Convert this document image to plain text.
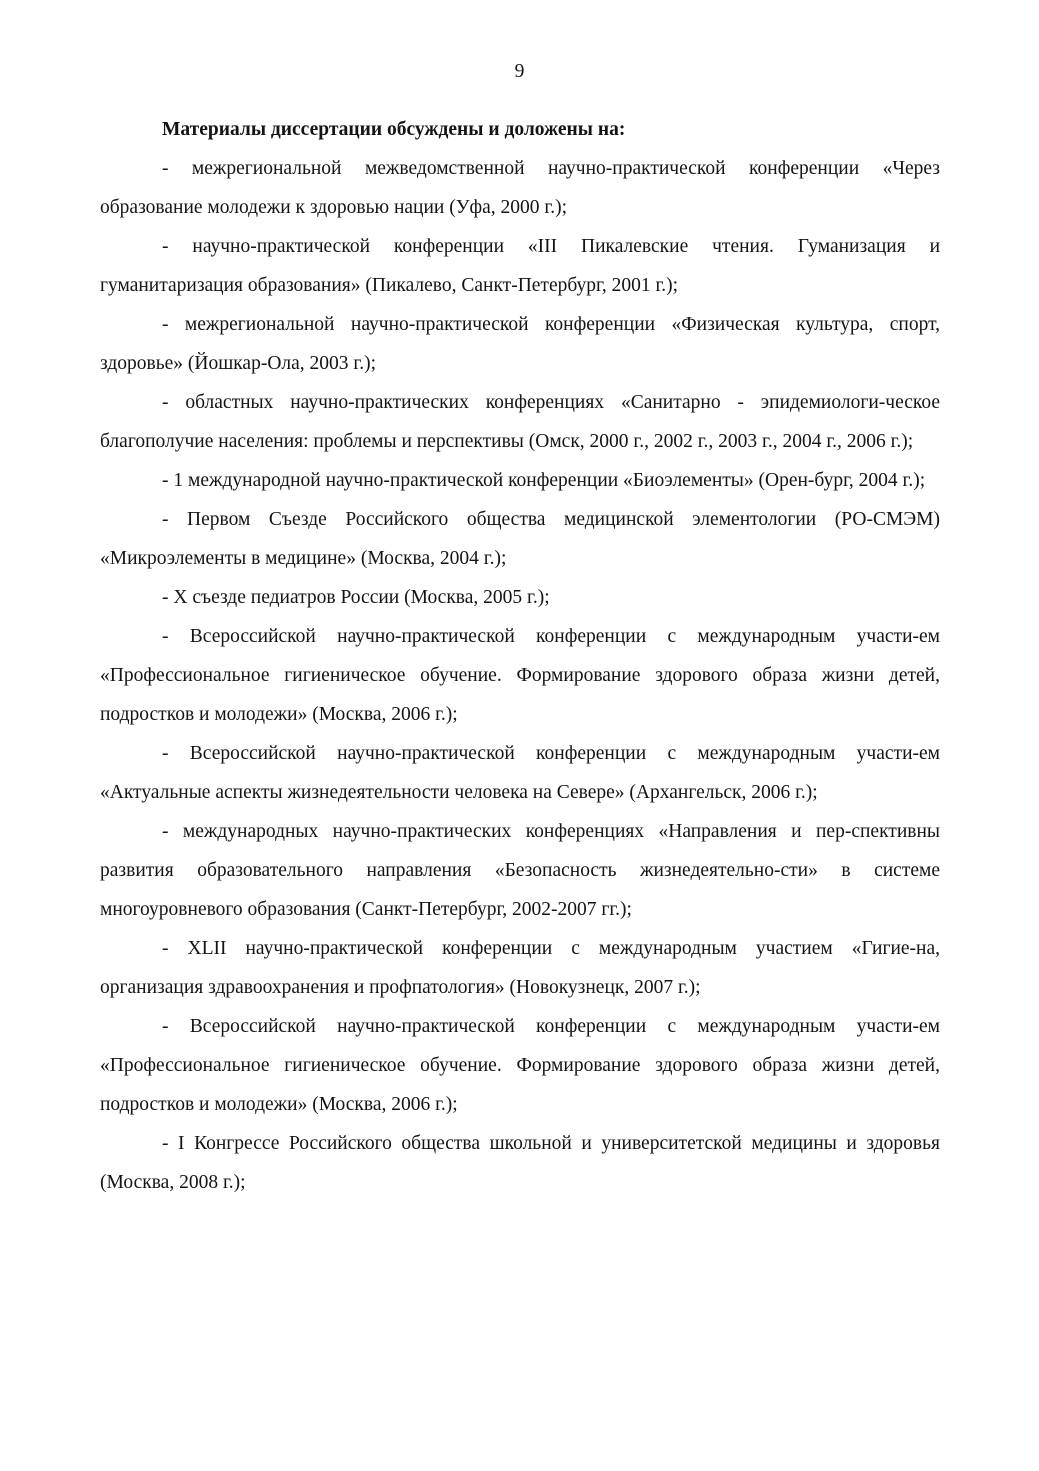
9

Материалы диссертации обсуждены и доложены на:

- межрегиональной межведомственной научно-практической конференции «Через образование молодежи к здоровью нации (Уфа, 2000 г.);

- научно-практической конференции «III Пикалевские чтения. Гуманизация и гуманитаризация образования» (Пикалево, Санкт-Петербург, 2001 г.);

- межрегиональной научно-практической конференции «Физическая культура, спорт, здоровье» (Йошкар-Ола, 2003 г.);

- областных научно-практических конференциях «Санитарно - эпидемиологи-ческое благополучие населения: проблемы и перспективы (Омск, 2000 г., 2002 г., 2003 г., 2004 г., 2006 г.);

- 1 международной научно-практической конференции «Биоэлементы» (Орен-бург, 2004 г.);

- Первом Съезде Российского общества медицинской элементологии (РО-СМЭМ) «Микроэлементы в медицине» (Москва, 2004 г.);

- X съезде педиатров России (Москва, 2005 г.);

- Всероссийской научно-практической конференции с международным участи-ем «Профессиональное гигиеническое обучение. Формирование здорового образа жизни детей, подростков и молодежи» (Москва, 2006 г.);

- Всероссийской научно-практической конференции с международным участи-ем «Актуальные аспекты жизнедеятельности человека на Севере» (Архангельск, 2006 г.);

- международных научно-практических конференциях «Направления и пер-спективны развития образовательного направления «Безопасность жизнедеятельно-сти» в системе многоуровневого образования (Санкт-Петербург, 2002-2007 гг.);

- XLII научно-практической конференции с международным участием «Гигие-на, организация здравоохранения и профпатология» (Новокузнецк, 2007 г.);

- Всероссийской научно-практической конференции с международным участи-ем «Профессиональное гигиеническое обучение. Формирование здорового образа жизни детей, подростков и молодежи» (Москва, 2006 г.);

- I Конгрессе Российского общества школьной и университетской медицины и здоровья (Москва, 2008 г.);
